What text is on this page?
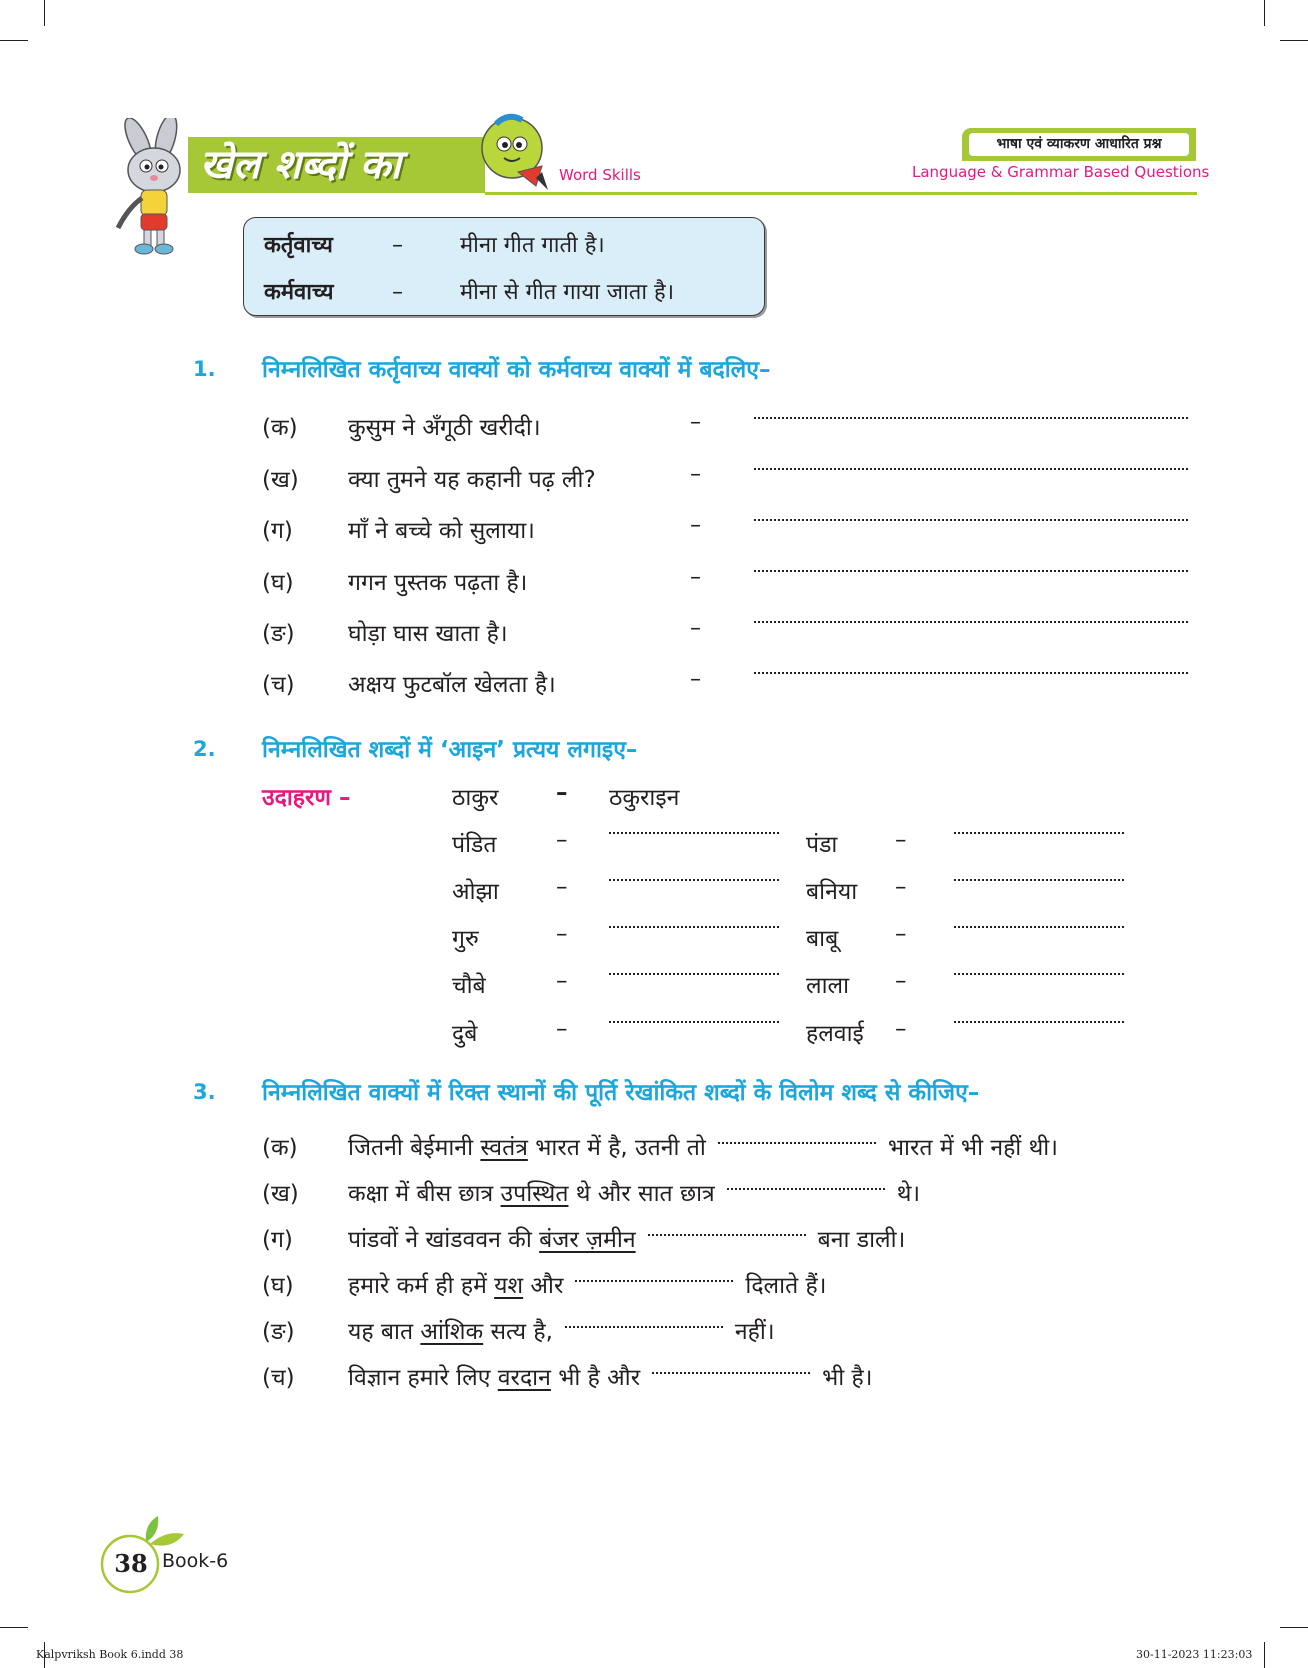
खेल शब्दों का	Word Skills
भाषा एवं व्याकरण आधारित प्रश्न
Language & Grammar Based Questions
कर्तृवाच्य	–	मीना गीत गाती है।
कर्मवाच्य	–	मीना से गीत गाया जाता है।
1. निम्नलिखित कर्तृवाच्य वाक्यों को कर्मवाच्य वाक्यों में बदलिए–
(क) कुसुम ने अँगूठी खरीदी।	–
(ख) क्या तुमने यह कहानी पढ़ ली?	–
(ग) माँ ने बच्चे को सुलाया।	–
(घ) गगन पुस्तक पढ़ता है।	–
(ङ) घोड़ा घास खाता है।	–
(च) अक्षय फुटबॉल खेलता है।	–
2. निम्नलिखित शब्दों में ‘आइन’ प्रत्यय लगाइए–
उदाहरण –	ठाकुर	– ठकुराइन
पंडित	–	पंडा	–
ओझा –	बनिया –
गुरु	–	बाबू –
चौबे	–	लाला –
दुबे	–	हलवाई –
3. निम्नलिखित वाक्यों में रिक्त स्थानों की पूर्ति रेखांकित शब्दों के विलोम शब्द से कीजिए–
(क) जितनी बेईमानी स्वतंत्र भारत में है, उतनी तो	भारत में भी नहीं थी।
(ख) कक्षा में बीस छात्र उपस्थित थे और सात छात्र	थे।
(ग) पांडवों ने खांडववन की बंजर ज़मीन	बना डाली।
(घ) हमारे कर्म ही हमें यश और	दिलाते हैं।
(ङ) यह बात आंशिक सत्य है,	नहीं।
(च) विज्ञान हमारे लिए वरदान भी है और	भी है।
38 Book-6
Kalpvriksh Book 6.indd 38	30-11-2023 11:23:03
